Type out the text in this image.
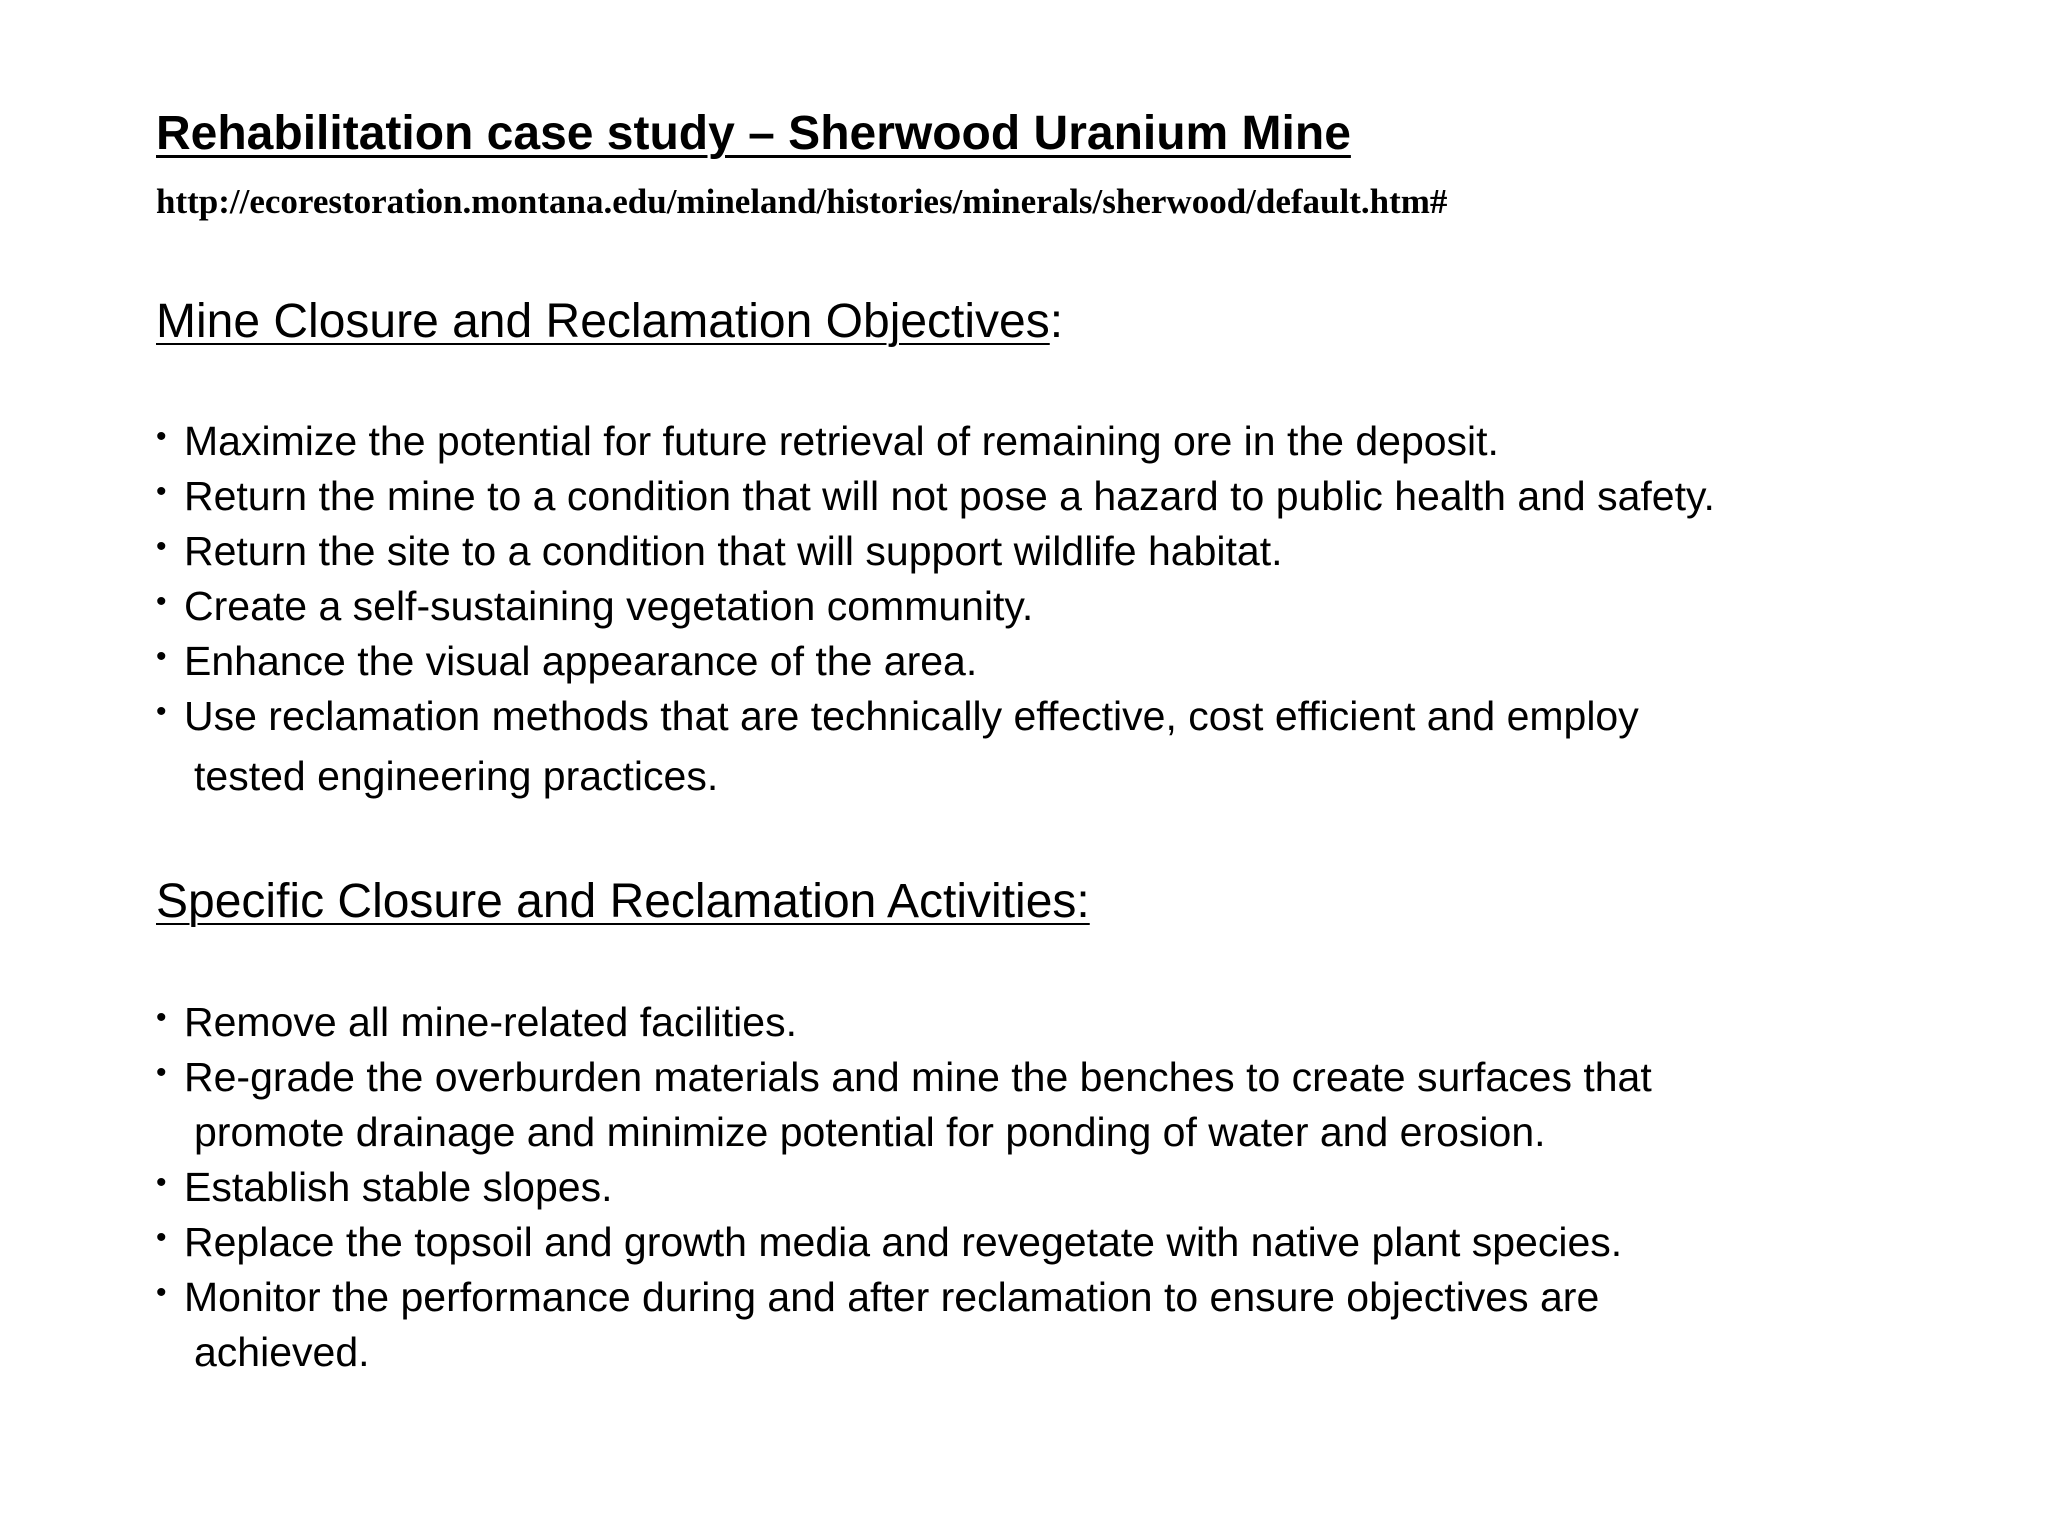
Rehabilitation case study – Sherwood Uranium Mine
http://ecorestoration.montana.edu/mineland/histories/minerals/sherwood/default.htm#
Mine Closure and Reclamation Objectives:
• Maximize the potential for future retrieval of remaining ore in the deposit.
• Return the mine to a condition that will not pose a hazard to public health and safety.
• Return the site to a condition that will support wildlife habitat.
• Create a self-sustaining vegetation community.
• Enhance the visual appearance of the area.
• Use reclamation methods that are technically effective, cost efficient and employ
tested engineering practices.
Specific Closure and Reclamation Activities:
• Remove all mine-related facilities.
• Re-grade the overburden materials and mine the benches to create surfaces that
promote drainage and minimize potential for ponding of water and erosion.
• Establish stable slopes.
• Replace the topsoil and growth media and revegetate with native plant species.
• Monitor the performance during and after reclamation to ensure objectives are
achieved.
